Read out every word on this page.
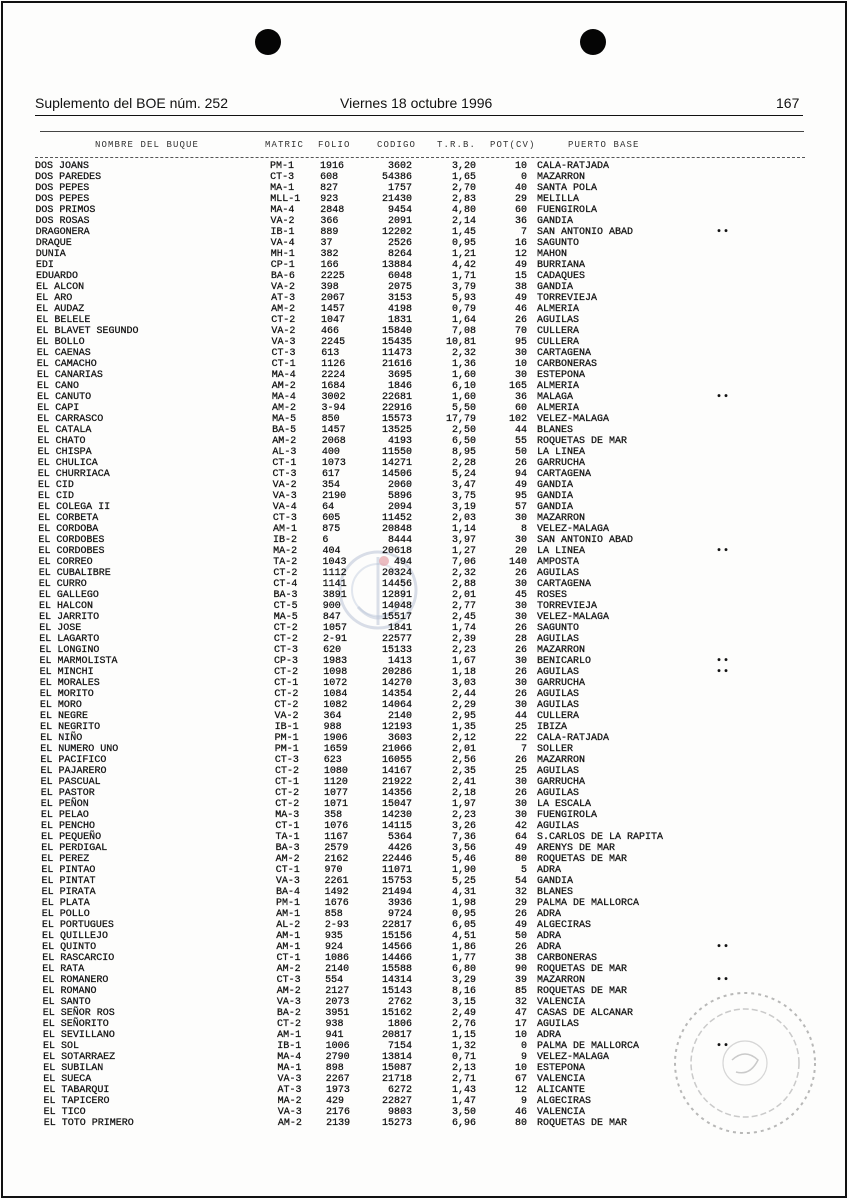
Suplemento del BOE núm. 252	Viernes 18 octubre 1996	167
NOMBRE DEL BUQUE	MATRIC FOLIO	CODIGO T.R.B. POT(CV)	PUERTO BASE
DOS JOANS	PM-1	1916	3602	3,20	10 CALA-RATJADA
DOS PAREDES	CT-3	608	54386	1,65	0 MAZARRON
DOS PEPES	MA-1	827	1757	2,70	40 SANTA POLA
DOS PEPES	MLL-1 923	21430	2,83	29 MELILLA
DOS PRIMOS	MA-4	2848	9454	4,80	60 FUENGIROLA
DOS ROSAS	VA-2	366	2091	2,14	36 GANDIA
DRAGONERA	IB-1	889	12202	1,45	7 SAN ANTONIO ABAD	••
DRAQUE	VA-4	37	2526	0,95	16 SAGUNTO
DUNIA	MH-1	382	8264	1,21	12 MAHON
EDI	CP-1	166	13884	4,42	49 BURRIANA
EDUARDO	BA-6	2225	6048	1,71	15 CADAQUES
EL ALCON	VA-2	398	2075	3,79	38 GANDIA
EL ARO	AT-3	2067	3153	5,93	49 TORREVIEJA
EL AUDAZ	AM-2	1457	4198	0,79	46 ALMERIA
EL BELELE	CT-2	1047	1831	1,64	26 AGUILAS
EL BLAVET SEGUNDO	VA-2	466	15840	7,08	70 CULLERA
EL BOLLO	VA-3	2245	15435	10,81	95 CULLERA
EL CAENAS	CT-3	613	11473	2,32	30 CARTAGENA
EL CAMACHO	CT-1	1126	21616	1,36	10 CARBONERAS
EL CANARIAS	MA-4	2224	3695	1,60	30 ESTEPONA
EL CANO	AM-2	1684	1846	6,10	165 ALMERIA
EL CANUTO	MA-4	3002	22681	1,60	36 MALAGA	••
EL CAPI	AM-2	3-94	22916	5,50	60 ALMERIA
EL CARRASCO	MA-5	850	15573	17,79	102 VELEZ-MALAGA
EL CATALA	BA-5	1457	13525	2,50	44 BLANES
EL CHATO	AM-2	2068	4193	6,50	55 ROQUETAS DE MAR
EL CHISPA	AL-3	400	11550	8,95	50 LA LINEA
EL CHULICA	CT-1	1073	14271	2,28	26 GARRUCHA
EL CHURRIACA	CT-3	617	14506	5,24	94 CARTAGENA
EL CID	VA-2	354	2060	3,47	49 GANDIA
EL CID	VA-3	2190	5896	3,75	95 GANDIA
EL COLEGA II	VA-4	64	2094	3,19	57 GANDIA
EL CORBETA	CT-3	605	11452	2,03	30 MAZARRON
EL CORDOBA	AM-1	875	20848	1,14	8 VELEZ-MALAGA
EL CORDOBES	IB-2	6	8444	3,97	30 SAN ANTONIO ABAD
EL CORDOBES	MA-2	404	20618	1,27	20 LA LINEA	••
EL CORREO	TA-2	1043	494	7,06	140 AMPOSTA
EL CUBALIBRE	CT-2	1112	20324	2,32	26 AGUILAS
EL CURRO	CT-4	1141	14456	2,88	30 CARTAGENA
EL GALLEGO	BA-3	3891	12891	2,01	45 ROSES
EL HALCON	CT-5	900	14048	2,77	30 TORREVIEJA
EL JARRITO	MA-5	847	15517	2,45	30 VELEZ-MALAGA
EL JOSE	CT-2	1057	1841	1,74	26 SAGUNTO
EL LAGARTO	CT-2	2-91	22577	2,39	28 AGUILAS
EL LONGINO	CT-3	620	15133	2,23	26 MAZARRON
EL MARMOLISTA	CP-3	1983	1413	1,67	30 BENICARLO	••
EL MINCHI	CT-2	1098	20286	1,18	26 AGUILAS	••
EL MORALES	CT-1	1072	14270	3,03	30 GARRUCHA
EL MORITO	CT-2	1084	14354	2,44	26 AGUILAS
EL MORO	CT-2	1082	14064	2,29	30 AGUILAS
EL NEGRE	VA-2 364	2140	2,95	44 CULLERA
EL NEGRITO	IB-1 988	12193	1,35	25 IBIZA
EL NIÑO	PM-1 1906	3603	2,12	22 CALA-RATJADA
EL NUMERO UNO	PM-1 1659	21066	2,01	7 SOLLER
EL PACIFICO	CT-3 623	16055	2,56	26 MAZARRON
EL PAJARERO	CT-2 1080	14167	2,35	25 AGUILAS
EL PASCUAL	CT-1 1120	21922	2,41	30 GARRUCHA
EL PASTOR	CT-2 1077	14356	2,18	26 AGUILAS
EL PEÑON	CT-2 1071	15047	1,97	30 LA ESCALA
EL PELAO	MA-3 358	14230	2,23	30 FUENGIROLA
EL PENCHO	CT-1 1076	14115	3,26	42 AGUILAS
EL PEQUEÑO	TA-1 1167	5364	7,36	64 S.CARLOS DE LA RAPITA
EL PERDIGAL	BA-3 2579	4426	3,56	49 ARENYS DE MAR
EL PEREZ	AM-2 2162	22446	5,46	80 ROQUETAS DE MAR
EL PINTAO	CT-1 970	11071	1,90	5 ADRA
EL PINTAT	VA-3 2261	15753	5,25	54 GANDIA
EL PIRATA	BA-4 1492	21494	4,31	32 BLANES
EL PLATA	PM-1 1676	3936	1,98	29 PALMA DE MALLORCA
EL POLLO	AM-1 858	9724	0,95	26 ADRA
EL PORTUGUES	AL-2 2-93	22817	6,05	49 ALGECIRAS
EL QUILLEJO	AM-1 935	15156	4,51	50 ADRA
EL QUINTO	AM-1 924	14566	1,86	26 ADRA	••
EL RASCARCIO	CT-1 1086	14466	1,77	38 CARBONERAS
EL RATA	AM-2 2140	15588	6,80	90 ROQUETAS DE MAR
EL ROMANERO	CT-3 554	14314	3,29	39 MAZARRON	••
EL ROMANO	AM-2 2127	15143	8,16	85 ROQUETAS DE MAR
EL SANTO	VA-3 2073	2762	3,15	32 VALENCIA
EL SEÑOR ROS	BA-2 3951	15162	2,49	47 CASAS DE ALCANAR
EL SEÑORITO	CT-2 938	1806	2,76	17 AGUILAS
EL SEVILLANO	AM-1 941	20817	1,15	10 ADRA
EL SOL	IB-1 1006	7154	1,32	0 PALMA DE MALLORCA	••
EL SOTARRAEZ	MA-4 2790	13814	0,71	9 VELEZ-MALAGA
EL SUBILAN	MA-1 898	15087	2,13	10 ESTEPONA
EL SUECA	VA-3 2267	21718	2,71	67 VALENCIA
EL TABARQUI	AT-3 1973	6272	1,43	12 ALICANTE
EL TAPICERO	MA-2 429	22827	1,47	9 ALGECIRAS
EL TICO	VA-3 2176	9803	3,50	46 VALENCIA
EL TOTO PRIMERO	AM-2 2139	15273	6,96	80 ROQUETAS DE MAR
